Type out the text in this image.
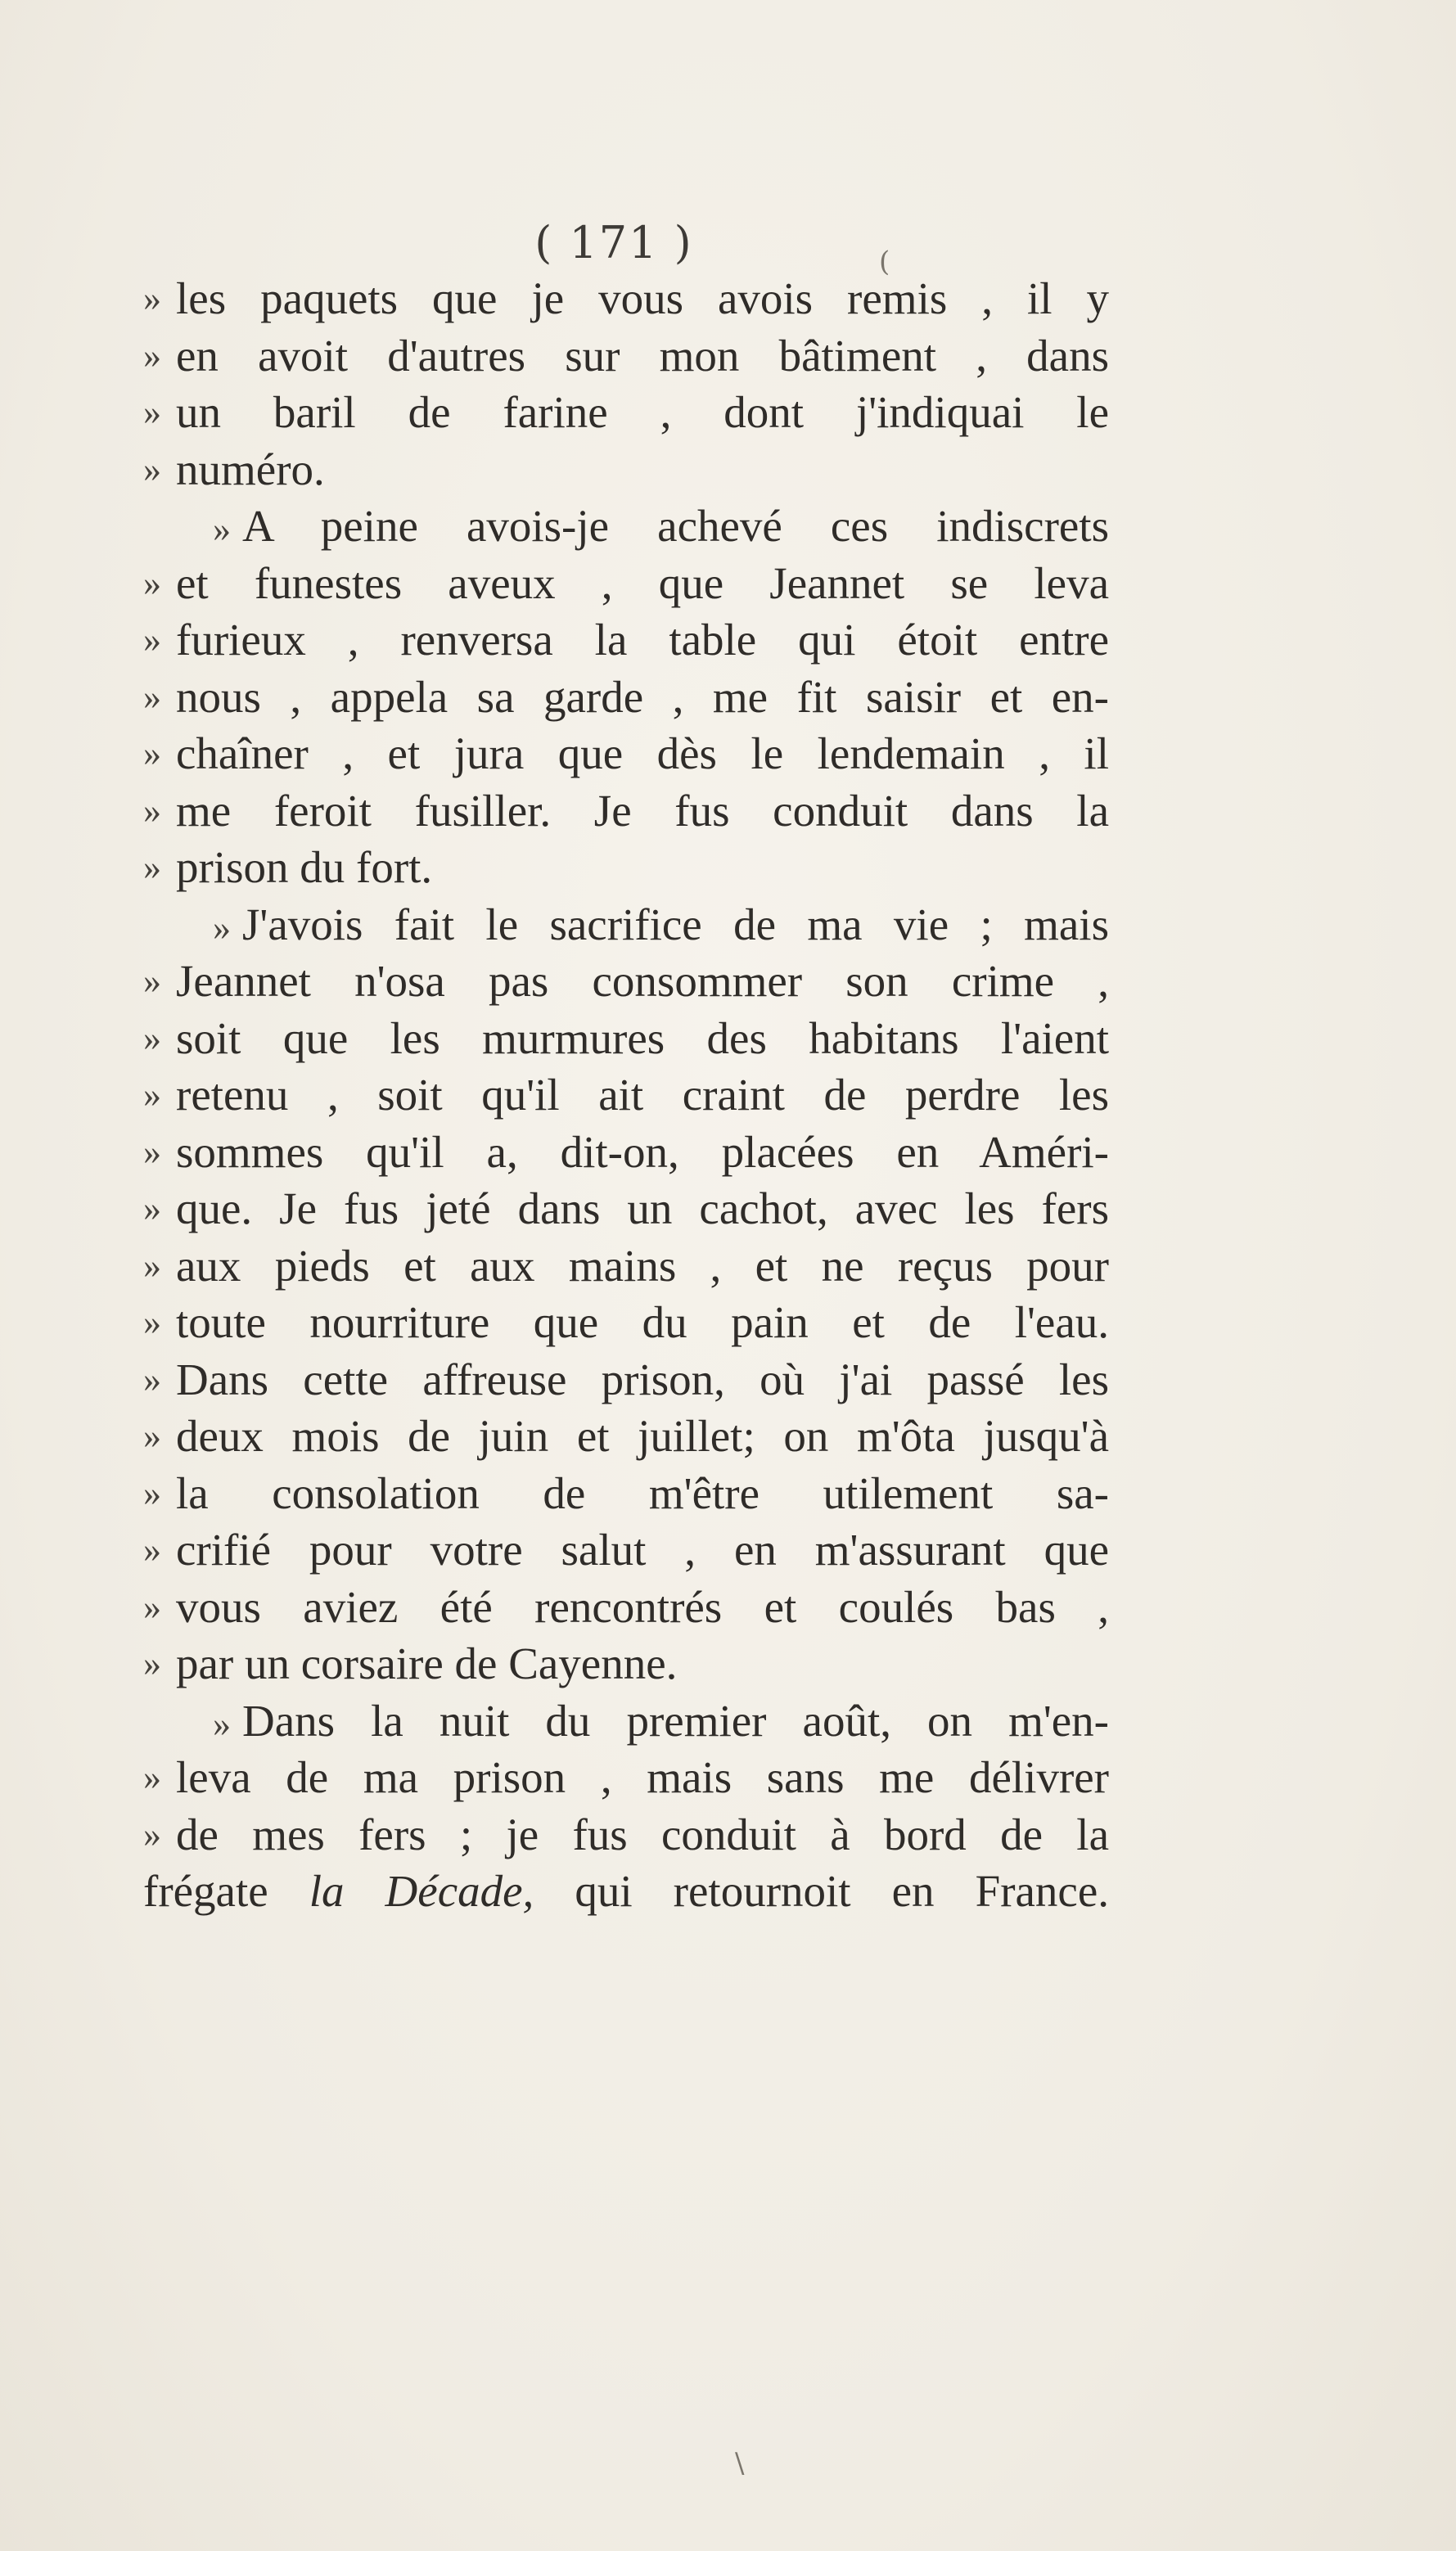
( 171 )
» les paquets que je vous avois remis , il y
» en avoit d'autres sur mon bâtiment , dans
» un baril de farine , dont j'indiquai le
» numéro.
» A peine avois-je achevé ces indiscrets
» et funestes aveux , que Jeannet se leva
» furieux , renversa la table qui étoit entre
» nous , appela sa garde , me fit saisir et en-
» chaîner , et jura que dès le lendemain , il
» me feroit fusiller. Je fus conduit dans la
» prison du fort.
» J'avois fait le sacrifice de ma vie ; mais
» Jeannet n'osa pas consommer son crime ,
» soit que les murmures des habitans l'aient
» retenu , soit qu'il ait craint de perdre les
» sommes qu'il a, dit-on, placées en Améri-
» que. Je fus jeté dans un cachot, avec les fers
» aux pieds et aux mains , et ne reçus pour
» toute nourriture que du pain et de l'eau.
» Dans cette affreuse prison, où j'ai passé les
» deux mois de juin et juillet; on m'ôta jusqu'à
» la consolation de m'être utilement sa-
» crifié pour votre salut , en m'assurant que
» vous aviez été rencontrés et coulés bas ,
» par un corsaire de Cayenne.
» Dans la nuit du premier août, on m'en-
» leva de ma prison , mais sans me délivrer
» de mes fers ; je fus conduit à bord de la
frégate la Décade, qui retournoit en France.
(
\
